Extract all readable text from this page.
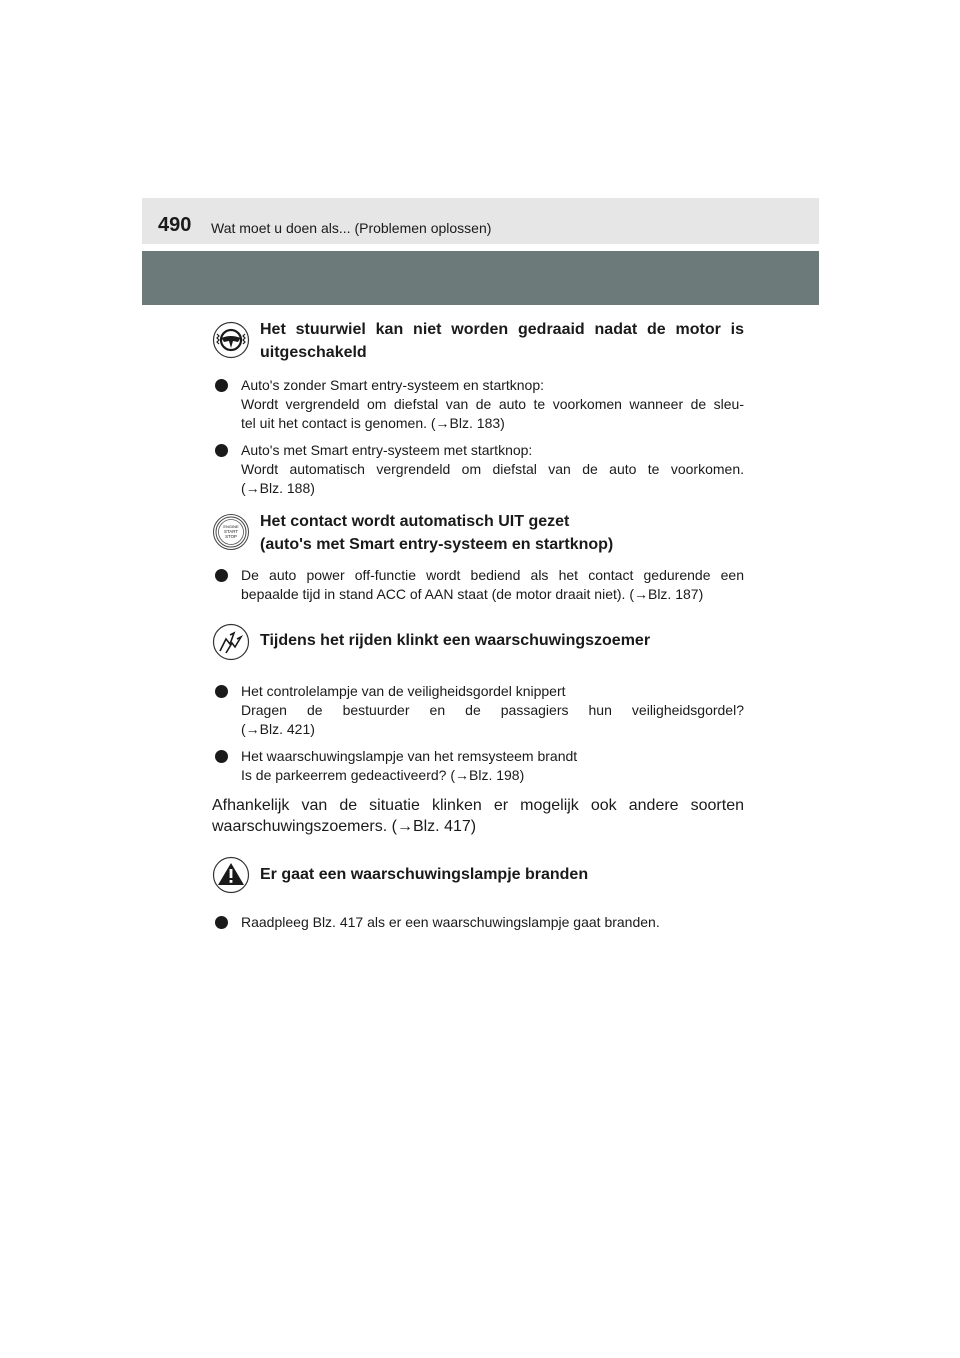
490 Wat moet u doen als... (Problemen oplossen)
Het stuurwiel kan niet worden gedraaid nadat de motor is uitgeschakeld

Auto's zonder Smart entry-systeem en startknop:

Wordt vergrendeld om diefstal van de auto te voorkomen wanneer de sleu-

tel uit het contact is genomen. (→Blz. 183)

Auto's met Smart entry-systeem met startknop:

Wordt automatisch vergrendeld om diefstal van de auto te voorkomen.

(→Blz. 188)

ENGINE
START
STOP
Het contact wordt automatisch UIT gezet
(auto's met Smart entry-systeem en startknop)

De auto power off-functie wordt bediend als het contact gedurende een

bepaalde tijd in stand ACC of AAN staat (de motor draait niet). (→Blz. 187)

Tijdens het rijden klinkt een waarschuwingszoemer

Het controlelampje van de veiligheidsgordel knippert

Dragen de bestuurder en de passagiers hun veiligheidsgordel?

(→Blz. 421)

Het waarschuwingslampje van het remsysteem brandt

Is de parkeerrem gedeactiveerd? (→Blz. 198)

Afhankelijk van de situatie klinken er mogelijk ook andere soorten
waarschuwingszoemers. (→Blz. 417)
Er gaat een waarschuwingslampje branden

Raadpleeg Blz. 417 als er een waarschuwingslampje gaat branden.
